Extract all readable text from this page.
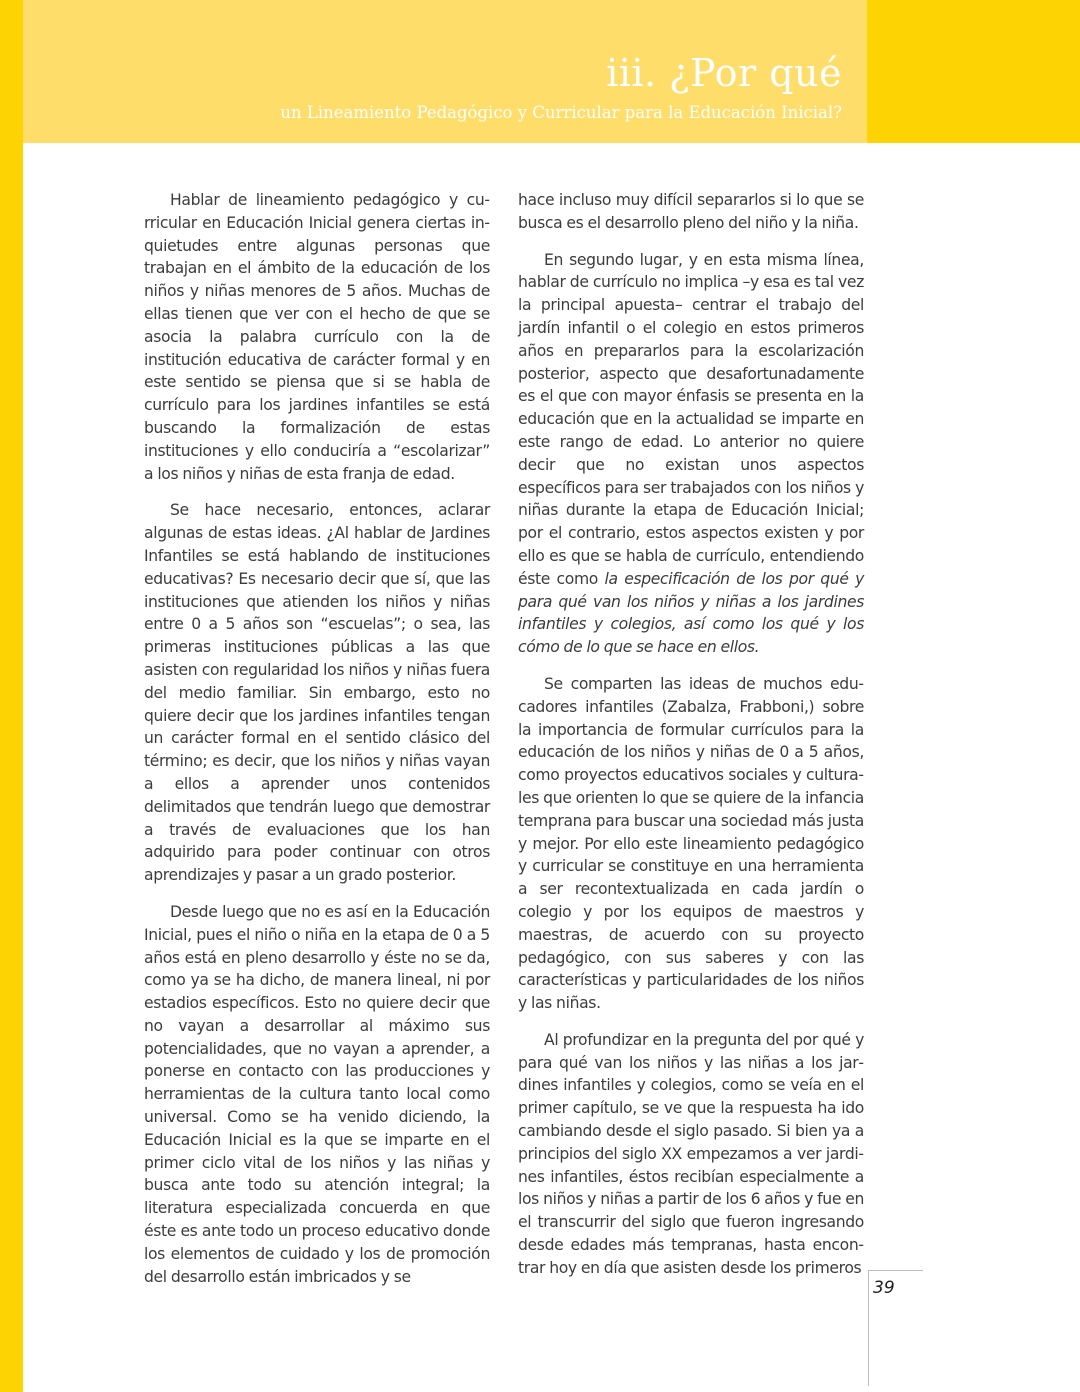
iii. ¿Por qué
un Lineamiento Pedagógico y Curricular para la Educación Inicial?

Hablar de lineamiento pedagógico y curricular en Educación Inicial genera ciertas inquietudes entre algunas personas que trabajan en el ámbito de la educación de los niños y niñas menores de 5 años. Muchas de ellas tienen que ver con el hecho de que se asocia la palabra currículo con la de institución educativa de carácter formal y en este sentido se piensa que si se habla de currículo para los jardines infantiles se está buscando la formalización de estas instituciones y ello conduciría a “escolarizar” a los niños y niñas de esta franja de edad.

Se hace necesario, entonces, aclarar algunas de estas ideas. ¿Al hablar de Jardines Infantiles se está hablando de instituciones educativas? Es necesario decir que sí, que las instituciones que atienden los niños y niñas entre 0 a 5 años son “escuelas”; o sea, las primeras instituciones públicas a las que asisten con regularidad los niños y niñas fuera del medio familiar. Sin embargo, esto no quiere decir que los jardines infantiles tengan un carácter formal en el sentido clásico del término; es decir, que los niños y niñas vayan a ellos a aprender unos contenidos delimitados que tendrán luego que demostrar a través de evaluaciones que los han adquirido para poder continuar con otros aprendizajes y pasar a un grado posterior.

Desde luego que no es así en la Educación Inicial, pues el niño o niña en la etapa de 0 a 5 años está en pleno desarrollo y éste no se da, como ya se ha dicho, de manera lineal, ni por estadios específicos. Esto no quiere decir que no vayan a desarrollar al máximo sus potencialidades, que no vayan a aprender, a ponerse en contacto con las producciones y herramientas de la cultura tanto local como universal. Como se ha venido diciendo, la Educación Inicial es la que se imparte en el primer ciclo vital de los niños y las niñas y busca ante todo su atención integral; la literatura especializada concuerda en que éste es ante todo un proceso educativo donde los elementos de cuidado y los de promoción del desarrollo están imbricados y se

hace incluso muy difícil separarlos si lo que se busca es el desarrollo pleno del niño y la niña.

En segundo lugar, y en esta misma línea, hablar de currículo no implica –y esa es tal vez la principal apuesta– centrar el trabajo del jardín infantil o el colegio en estos primeros años en prepararlos para la escolarización posterior, aspecto que desafortunadamente es el que con mayor énfasis se presenta en la educación que en la actualidad se imparte en este rango de edad. Lo anterior no quiere decir que no existan unos aspectos específicos para ser trabajados con los niños y niñas durante la etapa de Educación Inicial; por el contrario, estos aspectos existen y por ello es que se habla de currículo, entendiendo éste como la especificación de los por qué y para qué van los niños y niñas a los jardines infantiles y colegios, así como los qué y los cómo de lo que se hace en ellos.

Se comparten las ideas de muchos educadores infantiles (Zabalza, Frabboni,) sobre la importancia de formular currículos para la educación de los niños y niñas de 0 a 5 años, como proyectos educativos sociales y culturales que orienten lo que se quiere de la infancia temprana para buscar una sociedad más justa y mejor. Por ello este lineamiento pedagógico y curricular se constituye en una herramienta a ser recontextualizada en cada jardín o colegio y por los equipos de maestros y maestras, de acuerdo con su proyecto pedagógico, con sus saberes y con las características y particularidades de los niños y las niñas.

Al profundizar en la pregunta del por qué y para qué van los niños y las niñas a los jardines infantiles y colegios, como se veía en el primer capítulo, se ve que la respuesta ha ido cambiando desde el siglo pasado. Si bien ya a principios del siglo XX empezamos a ver jardines infantiles, éstos recibían especialmente a los niños y niñas a partir de los 6 años y fue en el transcurrir del siglo que fueron ingresando desde edades más tempranas, hasta encontrar hoy en día que asisten desde los primeros

39
